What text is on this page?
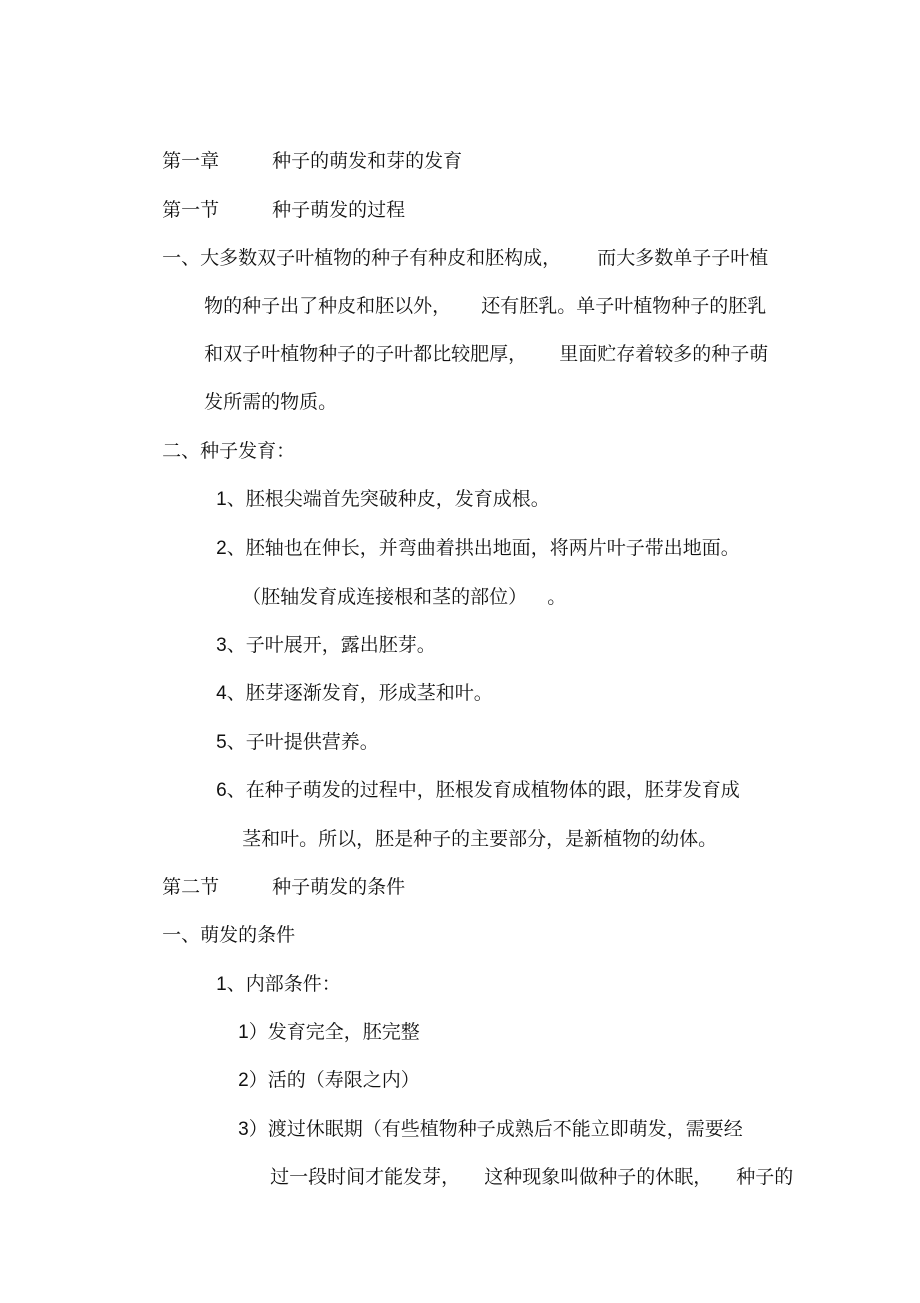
第一章	种子的萌发和芽的发育

第一节	种子萌发的过程

一、大多数双子叶植物的种子有种皮和胚构成， 而大多数单子子叶植

物的种子出了种皮和胚以外， 还有胚乳。单子叶植物种子的胚乳

和双子叶植物种子的子叶都比较肥厚， 里面贮存着较多的种子萌

发所需的物质。

二、种子发育：

1、胚根尖端首先突破种皮，发育成根。

2、胚轴也在伸长，并弯曲着拱出地面，将两片叶子带出地面。

（胚轴发育成连接根和茎的部位） 。

3、子叶展开，露出胚芽。

4、胚芽逐渐发育，形成茎和叶。

5、子叶提供营养。

6、在种子萌发的过程中，胚根发育成植物体的跟，胚芽发育成

茎和叶。所以，胚是种子的主要部分，是新植物的幼体。

第二节	种子萌发的条件

一、萌发的条件

1、内部条件：

1）发育完全，胚完整

2）活的（寿限之内）

3）渡过休眠期（有些植物种子成熟后不能立即萌发，需要经

过一段时间才能发芽， 这种现象叫做种子的休眠， 种子的
